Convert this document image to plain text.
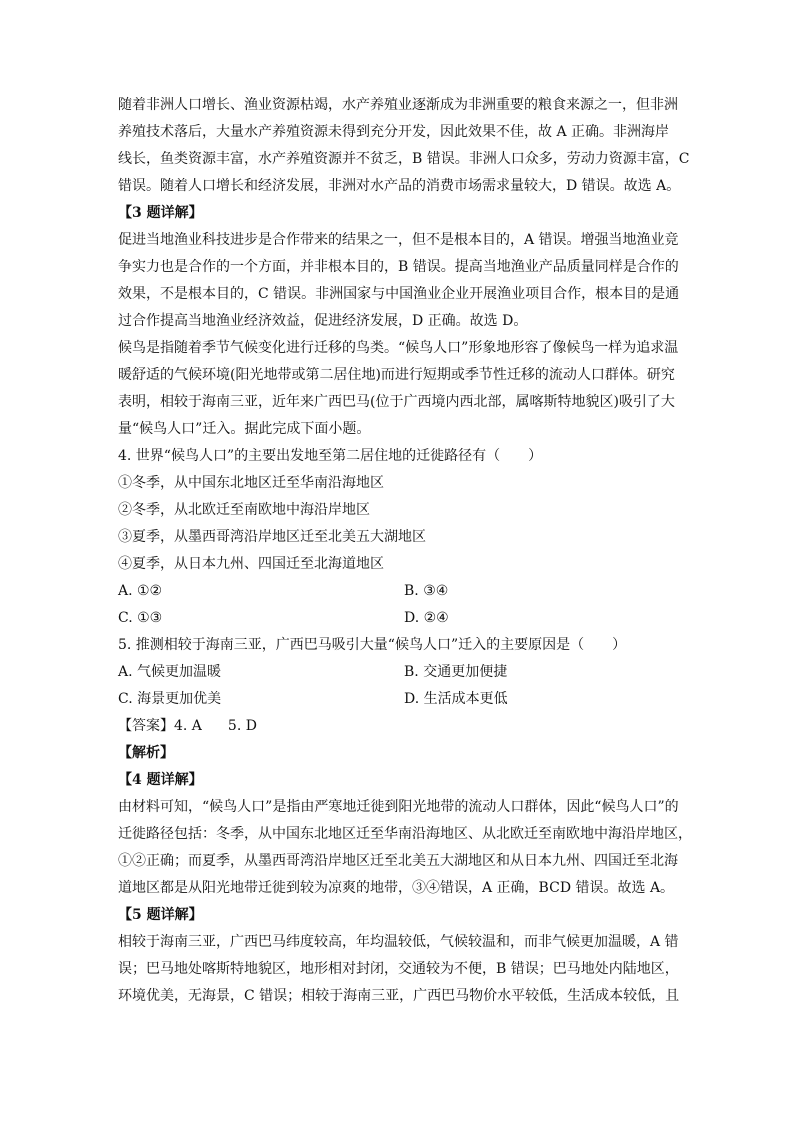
随着非洲人口增长、渔业资源枯竭，水产养殖业逐渐成为非洲重要的粮食来源之一，但非洲
养殖技术落后，大量水产养殖资源未得到充分开发，因此效果不佳，故 A 正确。非洲海岸
线长，鱼类资源丰富，水产养殖资源并不贫乏，B 错误。非洲人口众多，劳动力资源丰富，C
错误。随着人口增长和经济发展，非洲对水产品的消费市场需求量较大，D 错误。故选 A。
【3 题详解】
促进当地渔业科技进步是合作带来的结果之一，但不是根本目的，A 错误。增强当地渔业竞
争实力也是合作的一个方面，并非根本目的，B 错误。提高当地渔业产品质量同样是合作的
效果，不是根本目的，C 错误。非洲国家与中国渔业企业开展渔业项目合作，根本目的是通
过合作提高当地渔业经济效益，促进经济发展，D 正确。故选 D。
候鸟是指随着季节气候变化进行迁移的鸟类。“候鸟人口”形象地形容了像候鸟一样为追求温
暖舒适的气候环境(阳光地带或第二居住地)而进行短期或季节性迁移的流动人口群体。研究
表明，相较于海南三亚，近年来广西巴马(位于广西境内西北部，属喀斯特地貌区)吸引了大
量“候鸟人口”迁入。据此完成下面小题。
4. 世界“候鸟人口”的主要出发地至第二居住地的迁徙路径有（　　）
①冬季，从中国东北地区迁至华南沿海地区
②冬季，从北欧迁至南欧地中海沿岸地区
③夏季，从墨西哥湾沿岸地区迁至北美五大湖地区
④夏季，从日本九州、四国迁至北海道地区
A. ①②	B. ③④
C. ①③	D. ②④
5. 推测相较于海南三亚，广西巴马吸引大量“候鸟人口”迁入的主要原因是（　　）
A. 气候更加温暖	B. 交通更加便捷
C. 海景更加优美	D. 生活成本更低
【答案】4. A 5. D
【解析】
【4 题详解】
由材料可知，“候鸟人口”是指由严寒地迁徙到阳光地带的流动人口群体，因此“候鸟人口”的
迁徙路径包括：冬季，从中国东北地区迁至华南沿海地区、从北欧迁至南欧地中海沿岸地区，
①②正确；而夏季，从墨西哥湾沿岸地区迁至北美五大湖地区和从日本九州、四国迁至北海
道地区都是从阳光地带迁徙到较为凉爽的地带，③④错误，A 正确，BCD 错误。故选 A。
【5 题详解】
相较于海南三亚，广西巴马纬度较高，年均温较低，气候较温和，而非气候更加温暖，A 错
误；巴马地处喀斯特地貌区，地形相对封闭，交通较为不便，B 错误；巴马地处内陆地区，
环境优美，无海景，C 错误；相较于海南三亚，广西巴马物价水平较低，生活成本较低，且
